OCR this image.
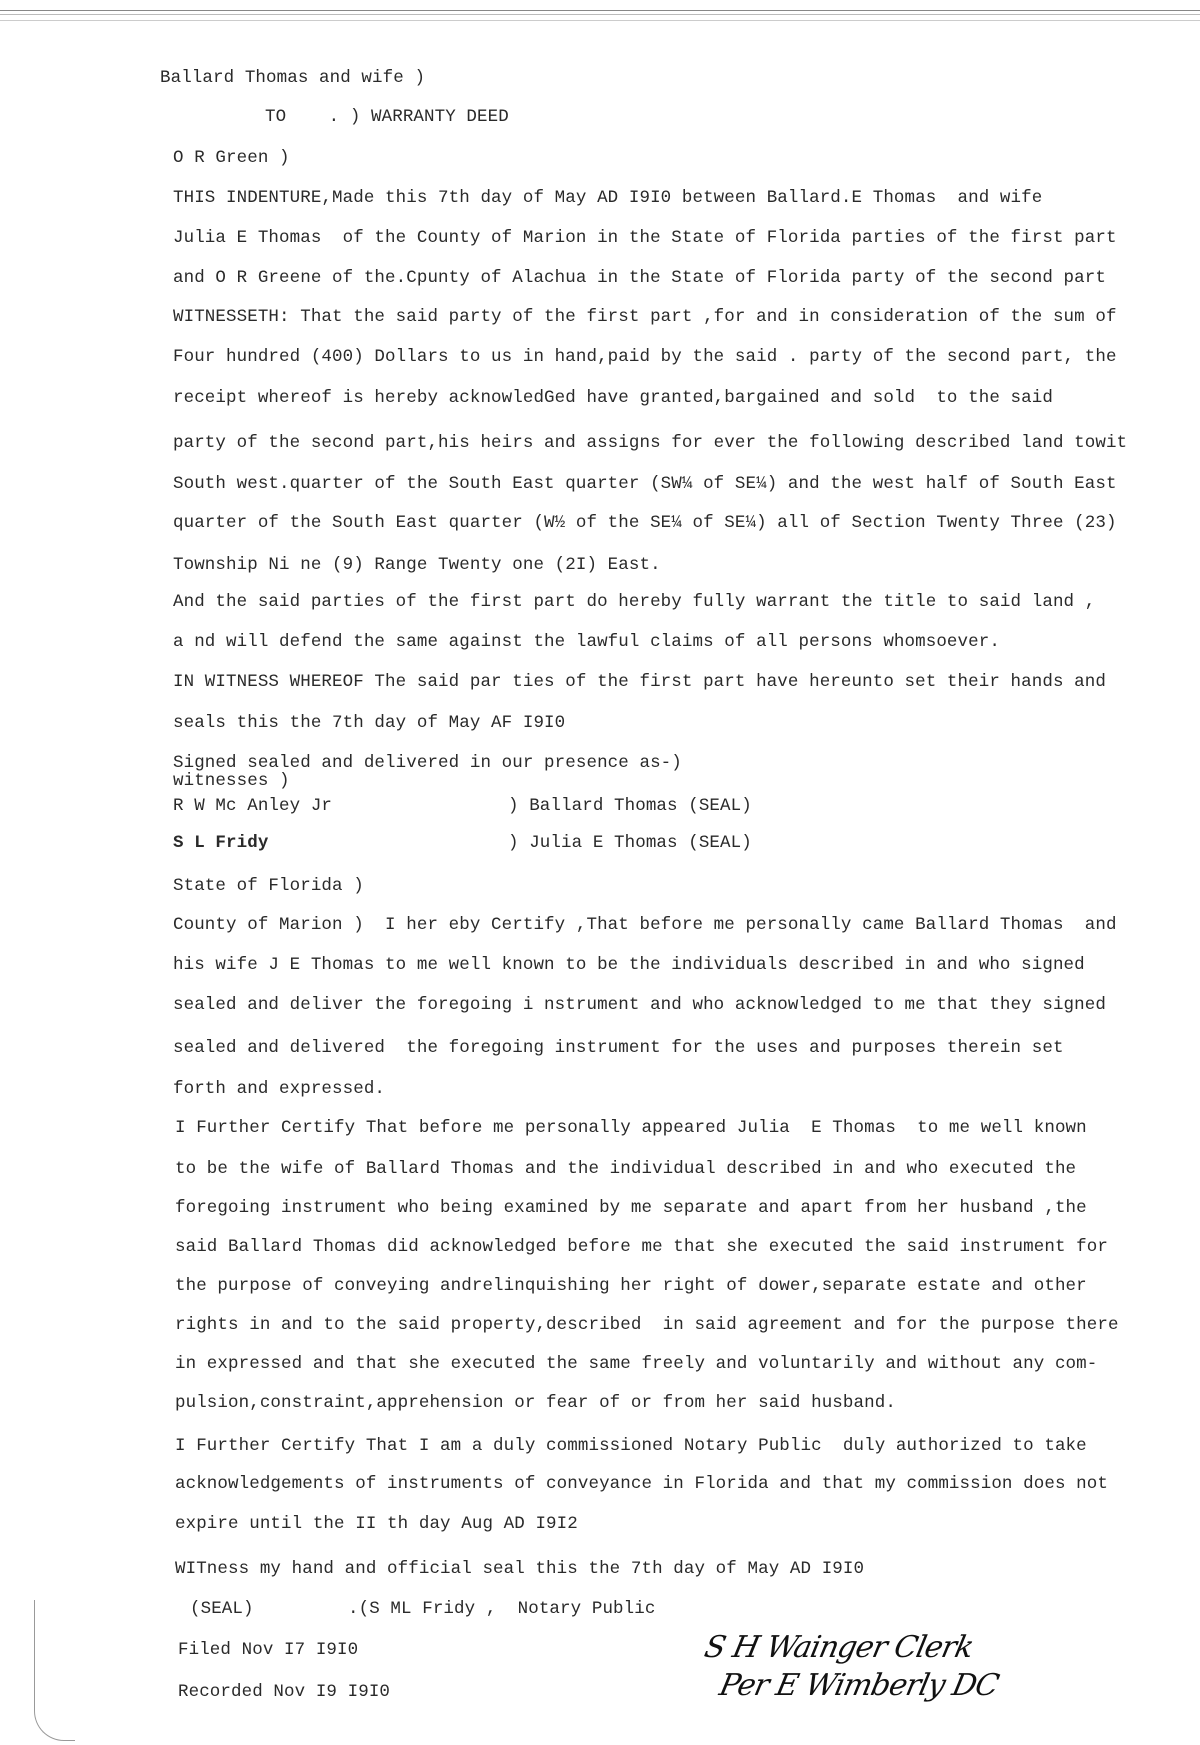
Ballard Thomas and wife )
TO    . ) WARRANTY DEED
O R Green )
THIS INDENTURE,Made this 7th day of May AD I9I0 between Ballard.E Thomas  and wife
Julia E Thomas  of the County of Marion in the State of Florida parties of the first part
and O R Greene of the.Cpunty of Alachua in the State of Florida party of the second part
WITNESSETH: That the said party of the first part ,for and in consideration of the sum of
Four hundred (400) Dollars to us in hand,paid by the said . party of the second part, the
receipt whereof is hereby acknowledGed have granted,bargained and sold  to the said
party of the second part,his heirs and assigns for ever the following described land towit
South west.quarter of the South East quarter (SW¼ of SE¼) and the west half of South East
quarter of the South East quarter (W½ of the SE¼ of SE¼) all of Section Twenty Three (23)
Township Ni ne (9) Range Twenty one (2I) East.
And the said parties of the first part do hereby fully warrant the title to said land ,
a nd will defend the same against the lawful claims of all persons whomsoever.
IN WITNESS WHEREOF The said par ties of the first part have hereunto set their hands and
seals this the 7th day of May AF I9I0
Signed sealed and delivered in our presence as-)
witnesses )
R W Mc Anley Jr
S L Fridy
State of Florida )
County of Marion )  I her eby Certify ,That before me personally came Ballard Thomas  and
his wife J E Thomas to me well known to be the individuals described in and who signed
sealed and deliver the foregoing i nstrument and who acknowledged to me that they signed
sealed and delivered  the foregoing instrument for the uses and purposes therein set
forth and expressed.
I Further Certify That before me personally appeared Julia  E Thomas  to me well known
to be the wife of Ballard Thomas and the individual described in and who executed the
foregoing instrument who being examined by me separate and apart from her husband ,the
said Ballard Thomas did acknowledged before me that she executed the said instrument for
the purpose of conveying andrelinquishing her right of dower,separate estate and other
rights in and to the said property,described  in said agreement and for the purpose there
in expressed and that she executed the same freely and voluntarily and without any com-
pulsion,constraint,apprehension or fear of or from her said husband.
I Further Certify That I am a duly commissioned Notary Public  duly authorized to take
acknowledgements of instruments of conveyance in Florida and that my commission does not
expire until the II th day Aug AD I9I2
WITness my hand and official seal this the 7th day of May AD I9I0
(SEAL)
Filed Nov I7 I9I0
Recorded Nov I9 I9I0
) Ballard Thomas (SEAL)
) Julia E Thomas (SEAL)
.(S ML Fridy ,  Notary Public
S H Wainger Clerk
Per E Wimberly DC
